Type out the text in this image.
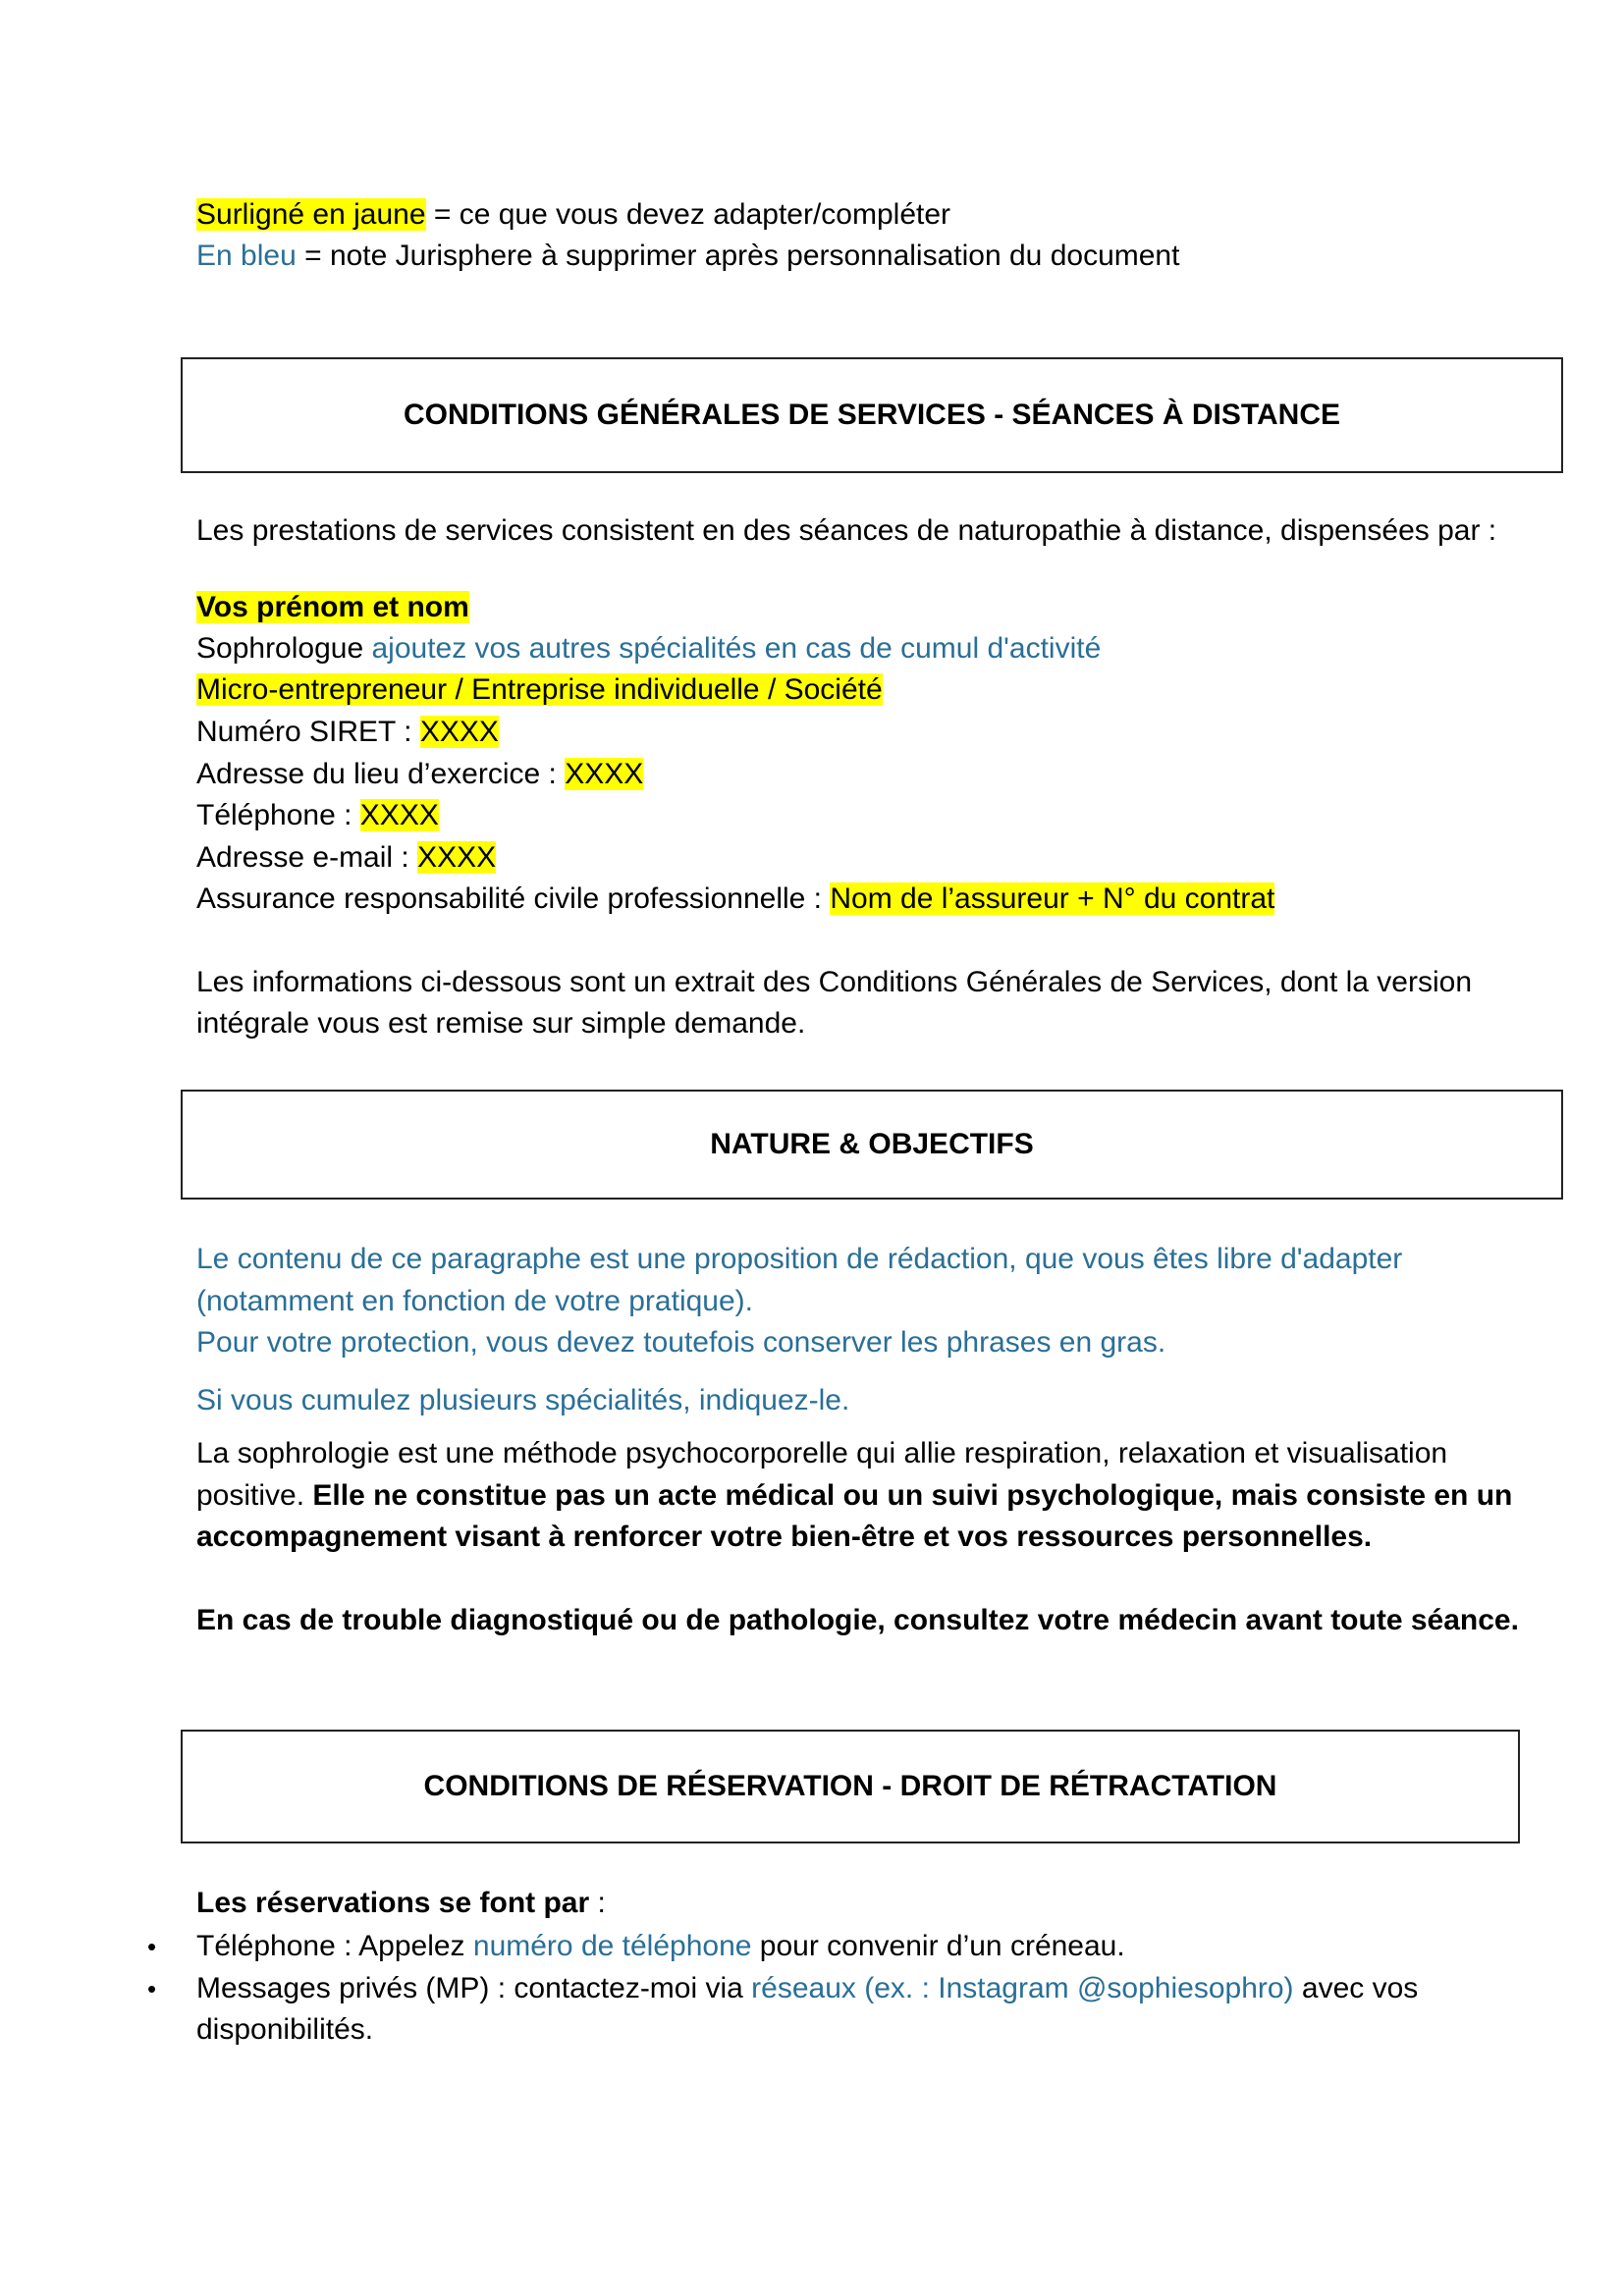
Surligné en jaune = ce que vous devez adapter/compléter
En bleu = note Jurisphere à supprimer après personnalisation du document
CONDITIONS GÉNÉRALES DE SERVICES - SÉANCES À DISTANCE
Les prestations de services consistent en des séances de naturopathie à distance, dispensées par :
Vos prénom et nom
Sophrologue ajoutez vos autres spécialités en cas de cumul d'activité
Micro-entrepreneur / Entreprise individuelle / Société
Numéro SIRET : XXXX
Adresse du lieu d’exercice : XXXX
Téléphone : XXXX
Adresse e-mail : XXXX
Assurance responsabilité civile professionnelle : Nom de l’assureur + N° du contrat
Les informations ci-dessous sont un extrait des Conditions Générales de Services, dont la version
intégrale vous est remise sur simple demande.
NATURE & OBJECTIFS
Le contenu de ce paragraphe est une proposition de rédaction, que vous êtes libre d'adapter
(notamment en fonction de votre pratique).
Pour votre protection, vous devez toutefois conserver les phrases en gras.
Si vous cumulez plusieurs spécialités, indiquez-le.
La sophrologie est une méthode psychocorporelle qui allie respiration, relaxation et visualisation
positive. Elle ne constitue pas un acte médical ou un suivi psychologique, mais consiste en un
accompagnement visant à renforcer votre bien-être et vos ressources personnelles.
En cas de trouble diagnostiqué ou de pathologie, consultez votre médecin avant toute séance.
CONDITIONS DE RÉSERVATION - DROIT DE RÉTRACTATION
Les réservations se font par :
• Téléphone : Appelez numéro de téléphone pour convenir d’un créneau.
• Messages privés (MP) : contactez-moi via réseaux (ex. : Instagram @sophiesophro) avec vos
disponibilités.
